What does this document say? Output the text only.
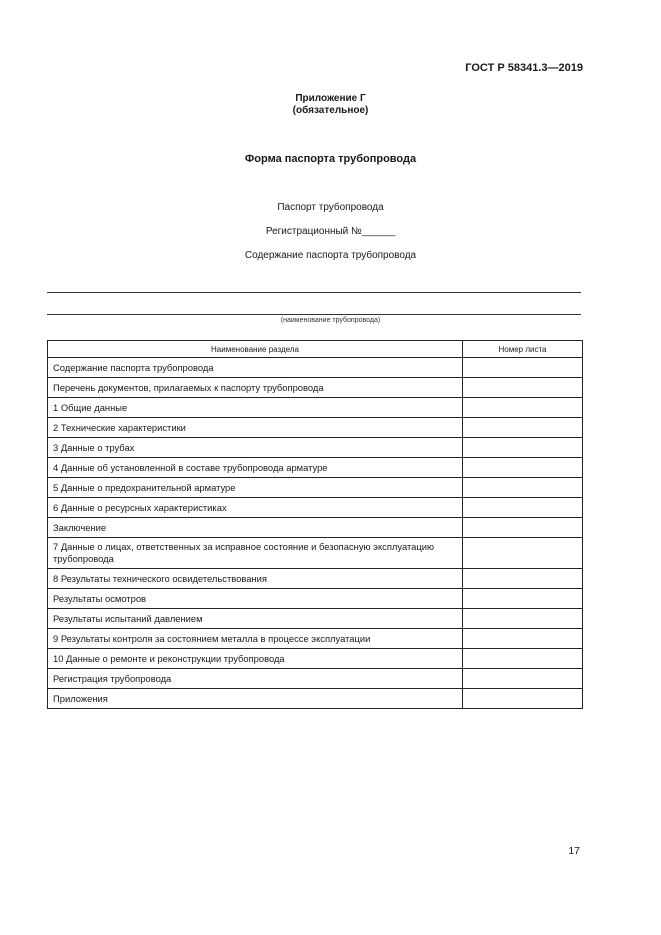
ГОСТ Р 58341.3—2019
Приложение Г
(обязательное)
Форма паспорта трубопровода
Паспорт трубопровода
Регистрационный №______
Содержание паспорта трубопровода
(наименование трубопровода)
Наименование раздела	Номер листа
Содержание паспорта трубопровода	
Перечень документов, прилагаемых к паспорту трубопровода	
1 Общие данные	
2 Технические характеристики	
3 Данные о трубах	
4 Данные об установленной в составе трубопровода арматуре	
5 Данные о предохранительной арматуре	
6 Данные о ресурсных характеристиках	
Заключение	
7 Данные о лицах, ответственных за исправное состояние и безопасную эксплуатацию трубопровода	
8 Результаты технического освидетельствования	
Результаты осмотров	
Результаты испытаний давлением	
9 Результаты контроля за состоянием металла в процессе эксплуатации	
10 Данные о ремонте и реконструкции трубопровода	
Регистрация трубопровода	
Приложения	
17
